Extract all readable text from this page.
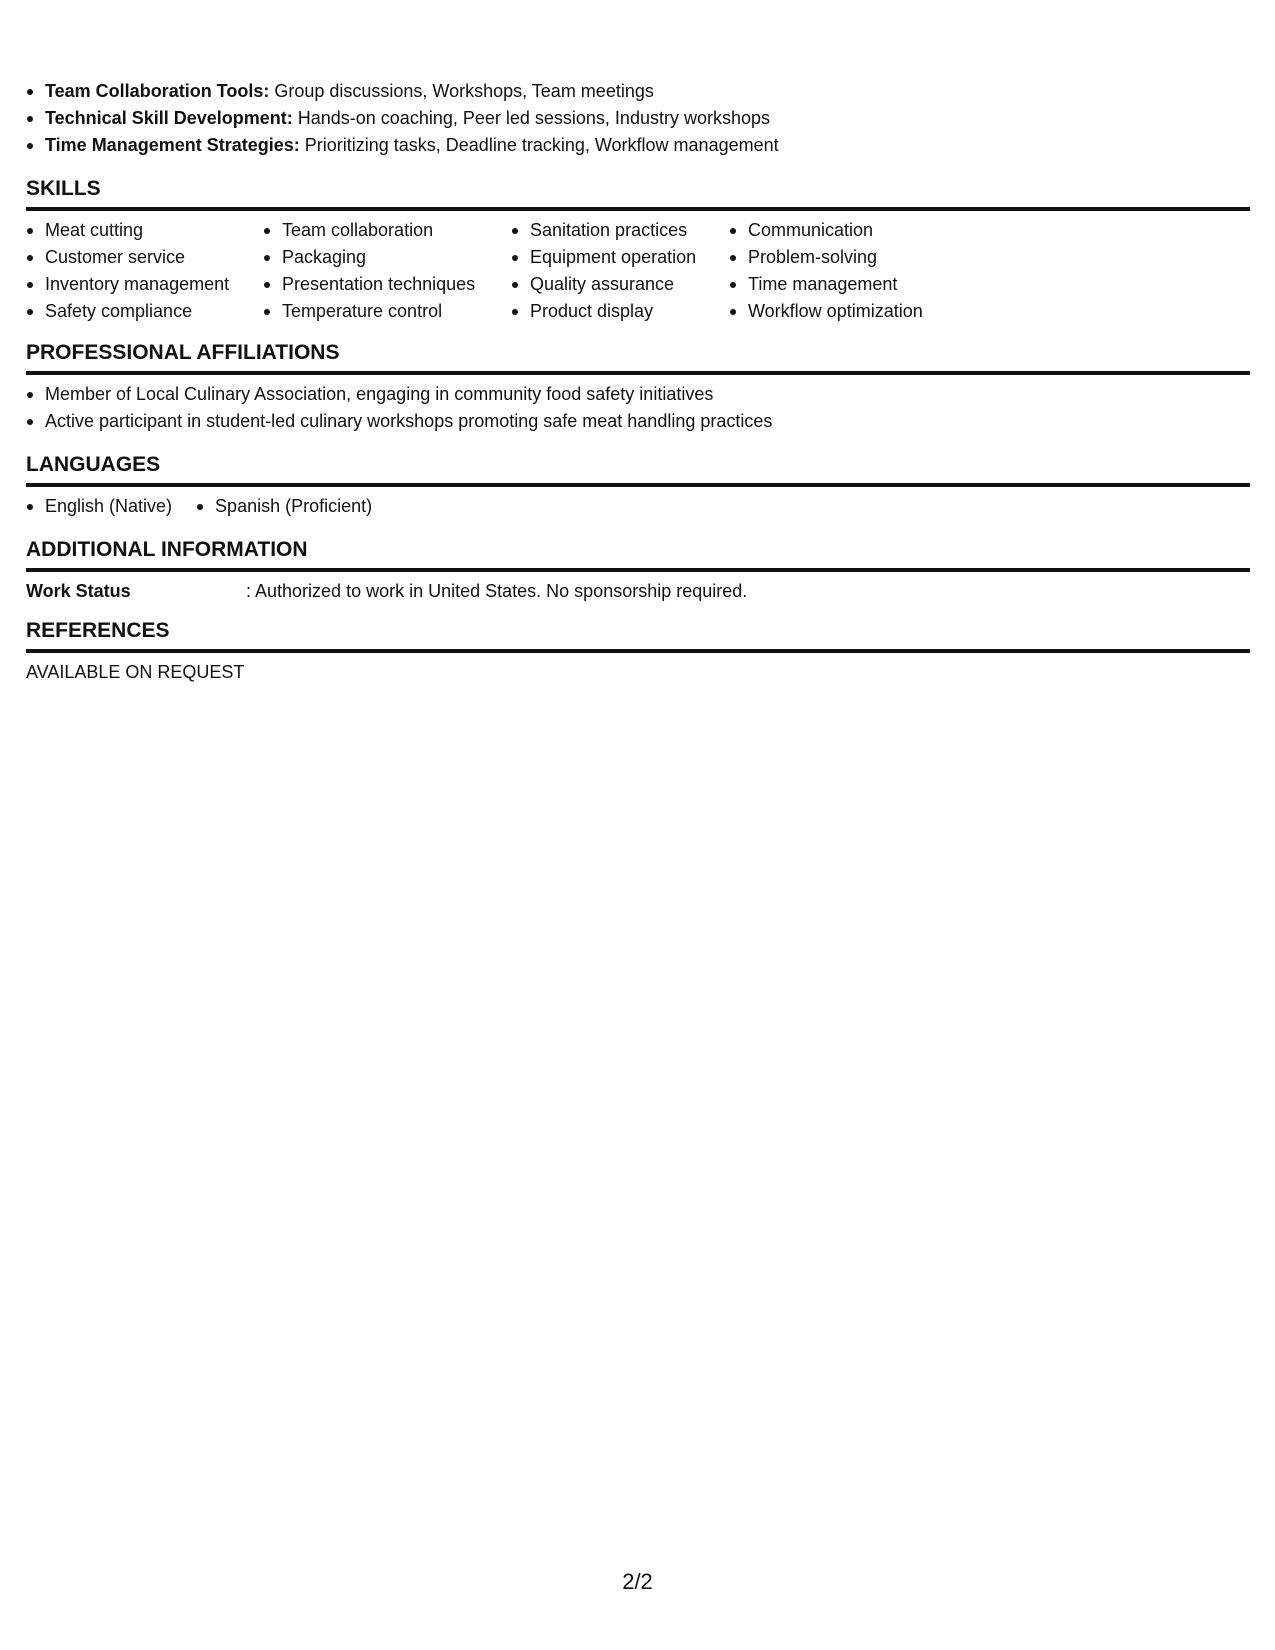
Team Collaboration Tools: Group discussions, Workshops, Team meetings
Technical Skill Development: Hands-on coaching, Peer led sessions, Industry workshops
Time Management Strategies: Prioritizing tasks, Deadline tracking, Workflow management
SKILLS
Meat cutting
Customer service
Inventory management
Safety compliance
Team collaboration
Packaging
Presentation techniques
Temperature control
Sanitation practices
Equipment operation
Quality assurance
Product display
Communication
Problem-solving
Time management
Workflow optimization
PROFESSIONAL AFFILIATIONS
Member of Local Culinary Association, engaging in community food safety initiatives
Active participant in student-led culinary workshops promoting safe meat handling practices
LANGUAGES
English (Native)	Spanish (Proficient)
ADDITIONAL INFORMATION
Work Status	: Authorized to work in United States. No sponsorship required.
REFERENCES
AVAILABLE ON REQUEST
2/2
